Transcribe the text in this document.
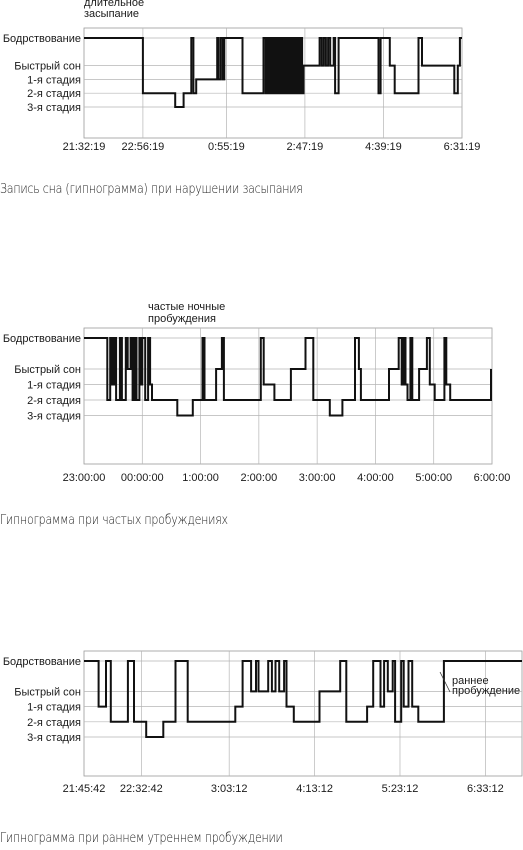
Бодрствование
Быстрый сон
1-я стадия
2-я стадия
3-я стадия
21:32:19 22:56:19	0:55:19	2:47:19	4:39:19	6:31:19
длительное
засыпание
Запись сна (гипнограмма) при нарушении засыпания
Бодрствование
Быстрый сон
1-я стадия
2-я стадия
3-я стадия
23:00:00 00:00:00 1:00:00 2:00:00 3:00:00 4:00:00 5:00:00 6:00:00
частые ночные
пробуждения
Гипнограмма при частых пробуждениях
Бодрствование
Быстрый сон
1-я стадия
2-я стадия
3-я стадия
21:45:42 22:32:42	3:03:12	4:13:12	5:23:12	6:33:12
раннее
пробуждение
Гипнограмма при раннем утреннем пробуждении
